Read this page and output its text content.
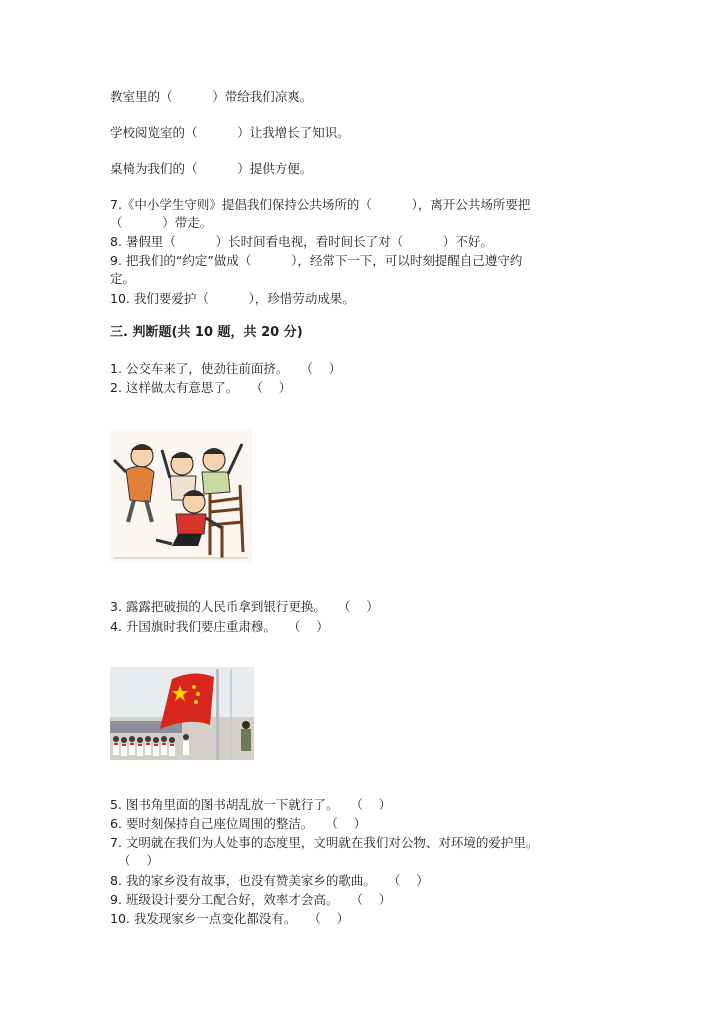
教室里的（          ）带给我们凉爽。
学校阅览室的（          ）让我增长了知识。
桌椅为我们的（          ）提供方便。
7.《中小学生守则》提倡我们保持公共场所的（          ），离开公共场所要把
（          ）带走。
8. 暑假里（          ）长时间看电视，看时间长了对（          ）不好。
9. 把我们的“约定”做成（          ），经常下一下，可以时刻提醒自己遵守约
定。
10. 我们要爱护（          ），珍惜劳动成果。
三. 判断题(共 10 题，共 20 分)
1. 公交车来了，使劲往前面挤。   （    ）
2. 这样做太有意思了。   （    ）
3. 露露把破损的人民币拿到银行更换。   （    ）
4. 升国旗时我们要庄重肃穆。   （    ）
5. 图书角里面的图书胡乱放一下就行了。   （    ）
6. 要时刻保持自己座位周围的整洁。   （    ）
7. 文明就在我们为人处事的态度里，文明就在我们对公物、对环境的爱护里。
（    ）
8. 我的家乡没有故事，也没有赞美家乡的歌曲。   （    ）
9. 班级设计要分工配合好，效率才会高。   （    ）
10. 我发现家乡一点变化都没有。   （    ）
